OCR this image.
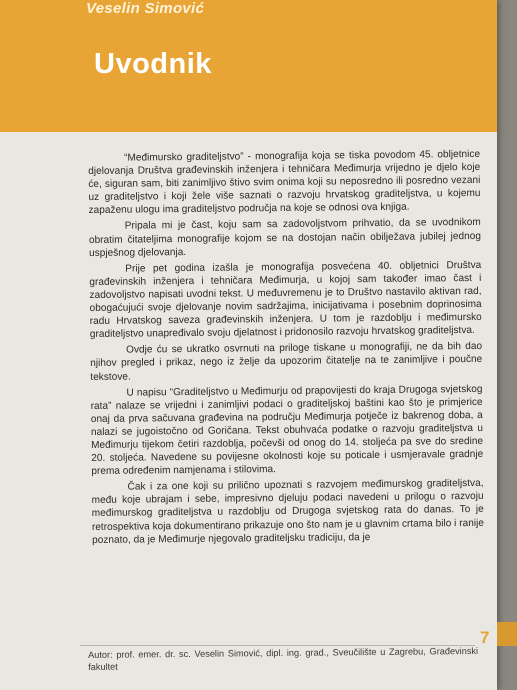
Veselin Simović
Uvodnik

“Međimursko graditeljstvo” - monografija koja se tiska povodom 45. obljetnice djelovanja Društva građevinskih inženjera i tehničara Međimurja vrijedno je djelo koje će, siguran sam, biti zanimljivo štivo svim onima koji su neposredno ili posredno vezani uz graditeljstvo i koji žele više saznati o razvoju hrvatskog graditeljstva, u kojemu zapaženu ulogu ima graditeljstvo područja na koje se odnosi ova knjiga.

Pripala mi je čast, koju sam sa zadovoljstvom prihvatio, da se uvodnikom obratim čitateljima monografije kojom se na dostojan način obilježava jubilej jednog uspješnog djelovanja.

Prije pet godina izašla je monografija posvećena 40. obljetnici Društva građevinskih inženjera i tehničara Međimurja, u kojoj sam također imao čast i zadovoljstvo napisati uvodni tekst. U međuvremenu je to Društvo nastavilo aktivan rad, obogaćujući svoje djelovanje novim sadržajima, inicijativama i posebnim doprinosima radu Hrvatskog saveza građevinskih inženjera. U tom je razdoblju i međimursko graditeljstvo unapređivalo svoju djelatnost i pridonosilo razvoju hrvatskog graditeljstva.

Ovdje ću se ukratko osvrnuti na priloge tiskane u monografiji, ne da bih dao njihov pregled i prikaz, nego iz želje da upozorim čitatelje na te zanimljive i poučne tekstove.

U napisu “Graditeljstvo u Međimurju od prapovijesti do kraja Drugoga svjetskog rata” nalaze se vrijedni i zanimljivi podaci o graditeljskoj baštini kao što je primjerice onaj da prva sačuvana građevina na području Međimurja potječe iz bakrenog doba, a nalazi se jugoistočno od Goričana. Tekst obuhvaća podatke o razvoju graditeljstva u Međimurju tijekom četiri razdoblja, počevši od onog do 14. stoljeća pa sve do sredine 20. stoljeća. Navedene su povijesne okolnosti koje su poticale i usmjeravale gradnje prema određenim namjenama i stilovima.

Čak i za one koji su prilično upoznati s razvojem međimurskog graditeljstva, među koje ubrajam i sebe, impresivno djeluju podaci navedeni u prilogu o razvoju međimurskog graditeljstva u razdoblju od Drugoga svjetskog rata do danas. To je retrospektiva koja dokumentirano prikazuje ono što nam je u glavnim crtama bilo i ranije poznato, da je Međimurje njegovalo graditeljsku tradiciju, da je

Autor: prof. emer. dr. sc. Veselin Simović, dipl. ing. grad., Sveučilište u Zagrebu, Građevinski fakultet
7
